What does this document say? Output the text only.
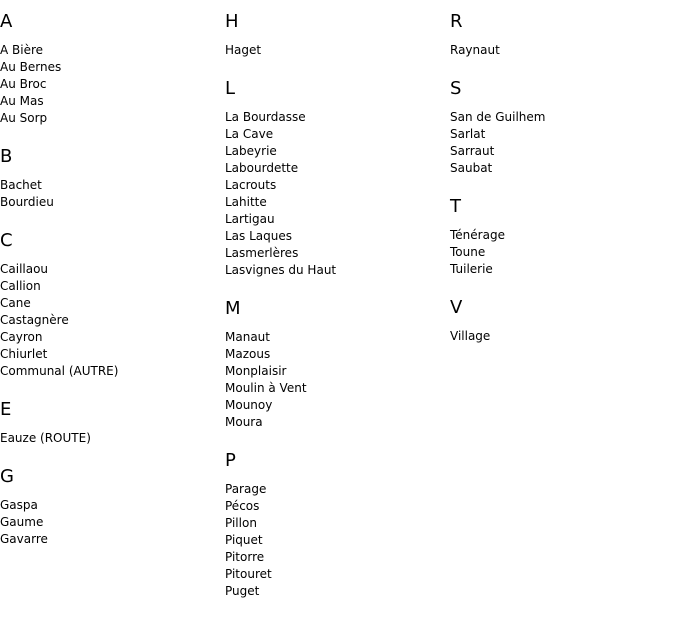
A
A Bière
Au Bernes
Au Broc
Au Mas
Au Sorp
B
Bachet
Bourdieu
C
Caillaou
Callion
Cane
Castagnère
Cayron
Chiurlet
Communal (AUTRE)
E
Eauze (ROUTE)
G
Gaspa
Gaume
Gavarre
H
Haget
L
La Bourdasse
La Cave
Labeyrie
Labourdette
Lacrouts
Lahitte
Lartigau
Las Laques
Lasmerlères
Lasvignes du Haut
M
Manaut
Mazous
Monplaisir
Moulin à Vent
Mounoy
Moura
P
Parage
Pécos
Pillon
Piquet
Pitorre
Pitouret
Puget
R
Raynaut
S
San de Guilhem
Sarlat
Sarraut
Saubat
T
Ténérage
Toune
Tuilerie
V
Village
